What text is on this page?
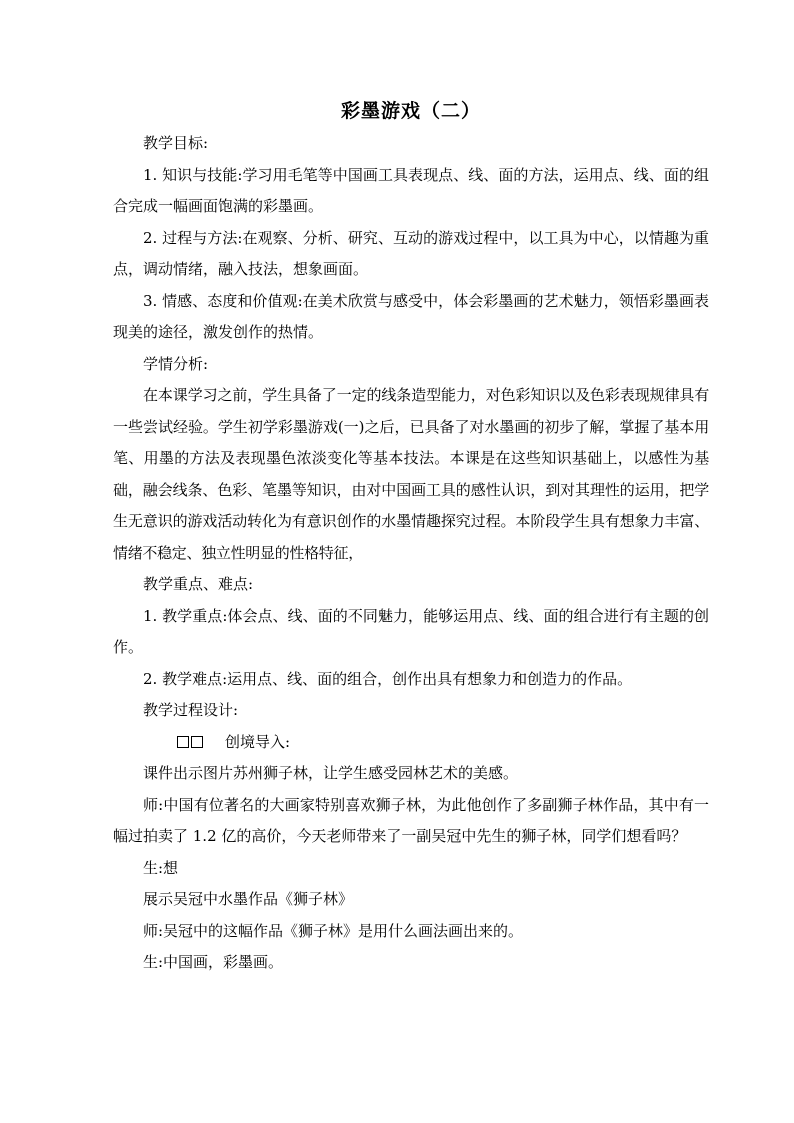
彩墨游戏（二）

教学目标:

1. 知识与技能:学习用毛笔等中国画工具表现点、线、面的方法，运用点、线、面的组合完成一幅画面饱满的彩墨画。

2. 过程与方法:在观察、分析、研究、互动的游戏过程中，以工具为中心，以情趣为重点，调动情绪，融入技法，想象画面。

3. 情感、态度和价值观:在美术欣赏与感受中，体会彩墨画的艺术魅力，领悟彩墨画表现美的途径，激发创作的热情。

学情分析:

在本课学习之前，学生具备了一定的线条造型能力，对色彩知识以及色彩表现规律具有一些尝试经验。学生初学彩墨游戏(一)之后，已具备了对水墨画的初步了解，掌握了基本用笔、用墨的方法及表现墨色浓淡变化等基本技法。本课是在这些知识基础上，以感性为基础，融会线条、色彩、笔墨等知识，由对中国画工具的感性认识，到对其理性的运用，把学生无意识的游戏活动转化为有意识创作的水墨情趣探究过程。本阶段学生具有想象力丰富、情绪不稳定、独立性明显的性格特征，

教学重点、难点:

1. 教学重点:体会点、线、面的不同魅力，能够运用点、线、面的组合进行有主题的创作。

2. 教学难点:运用点、线、面的组合，创作出具有想象力和创造力的作品。

教学过程设计:

创境导入:

课件出示图片苏州狮子林，让学生感受园林艺术的美感。

师:中国有位著名的大画家特别喜欢狮子林，为此他创作了多副狮子林作品，其中有一幅过拍卖了 1.2 亿的高价，今天老师带来了一副吴冠中先生的狮子林，同学们想看吗？

生:想

展示吴冠中水墨作品《狮子林》

师:吴冠中的这幅作品《狮子林》是用什么画法画出来的。

生:中国画，彩墨画。
